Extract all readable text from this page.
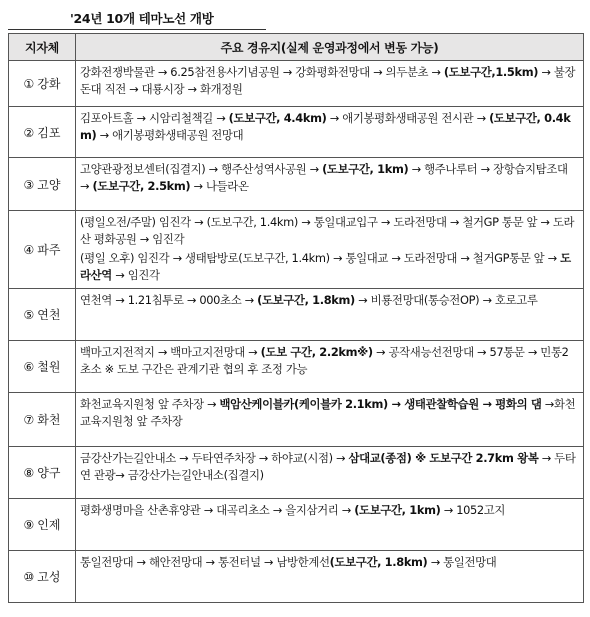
'24년 10개 테마노선 개방
지자체	주요 경유지(실제 운영과정에서 변동 가능)
① 강화	강화전쟁박물관 → 6.25참전용사기념공원 → 강화평화전망대 → 의두분초 → (도보구간,1.5km) → 불장돈대 직전 → 대룡시장 → 화개정원
② 김포	김포아트홀 → 시암리철책길 → (도보구간, 4.4km) → 애기봉평화생태공원 전시관 → (도보구간, 0.4km) → 애기봉평화생태공원 전망대
③ 고양	고양관광정보센터(집결지) → 행주산성역사공원 → (도보구간, 1km) → 행주나루터 → 장항습지탐조대 → (도보구간, 2.5km) → 나들라온
④ 파주	(평일오전/주말) 임진각 → (도보구간, 1.4km) → 통일대교입구 → 도라전망대 → 철거GP 통문 앞 → 도라산 평화공원 → 임진각
(평일 오후) 임진각 → 생태탐방로(도보구간, 1.4km) → 통일대교 → 도라전망대 → 철거GP통문 앞 → 도라산역 → 임진각

⑤ 연천	연천역 → 1.21침투로 → 000초소 → (도보구간, 1.8km) → 비룡전망대(통승전OP) → 호로고루
⑥ 철원	백마고지전적지 → 백마고지전망대 → (도보 구간, 2.2km※) → 공작새능선전망대 → 57통문 → 민통2초소 ※ 도보 구간은 관계기관 협의 후 조정 가능
⑦ 화천	화천교육지원청 앞 주차장 → 백암산케이블카(케이블카 2.1km) → 생태관찰학습원 → 평화의 댐 →화천교육지원청 앞 주차장
⑧ 양구	금강산가는길안내소 → 두타연주차장 → 하야교(시점) → 삼대교(종점) ※ 도보구간 2.7km 왕복 → 두타연 관광→ 금강산가는길안내소(집결지)
⑨ 인제	평화생명마을 산촌휴양관 → 대곡리초소 → 을지삼거리 → (도보구간, 1km) → 1052고지
⑩ 고성	통일전망대 → 해안전망대 → 통전터널 → 남방한계선(도보구간, 1.8km) → 통일전망대
